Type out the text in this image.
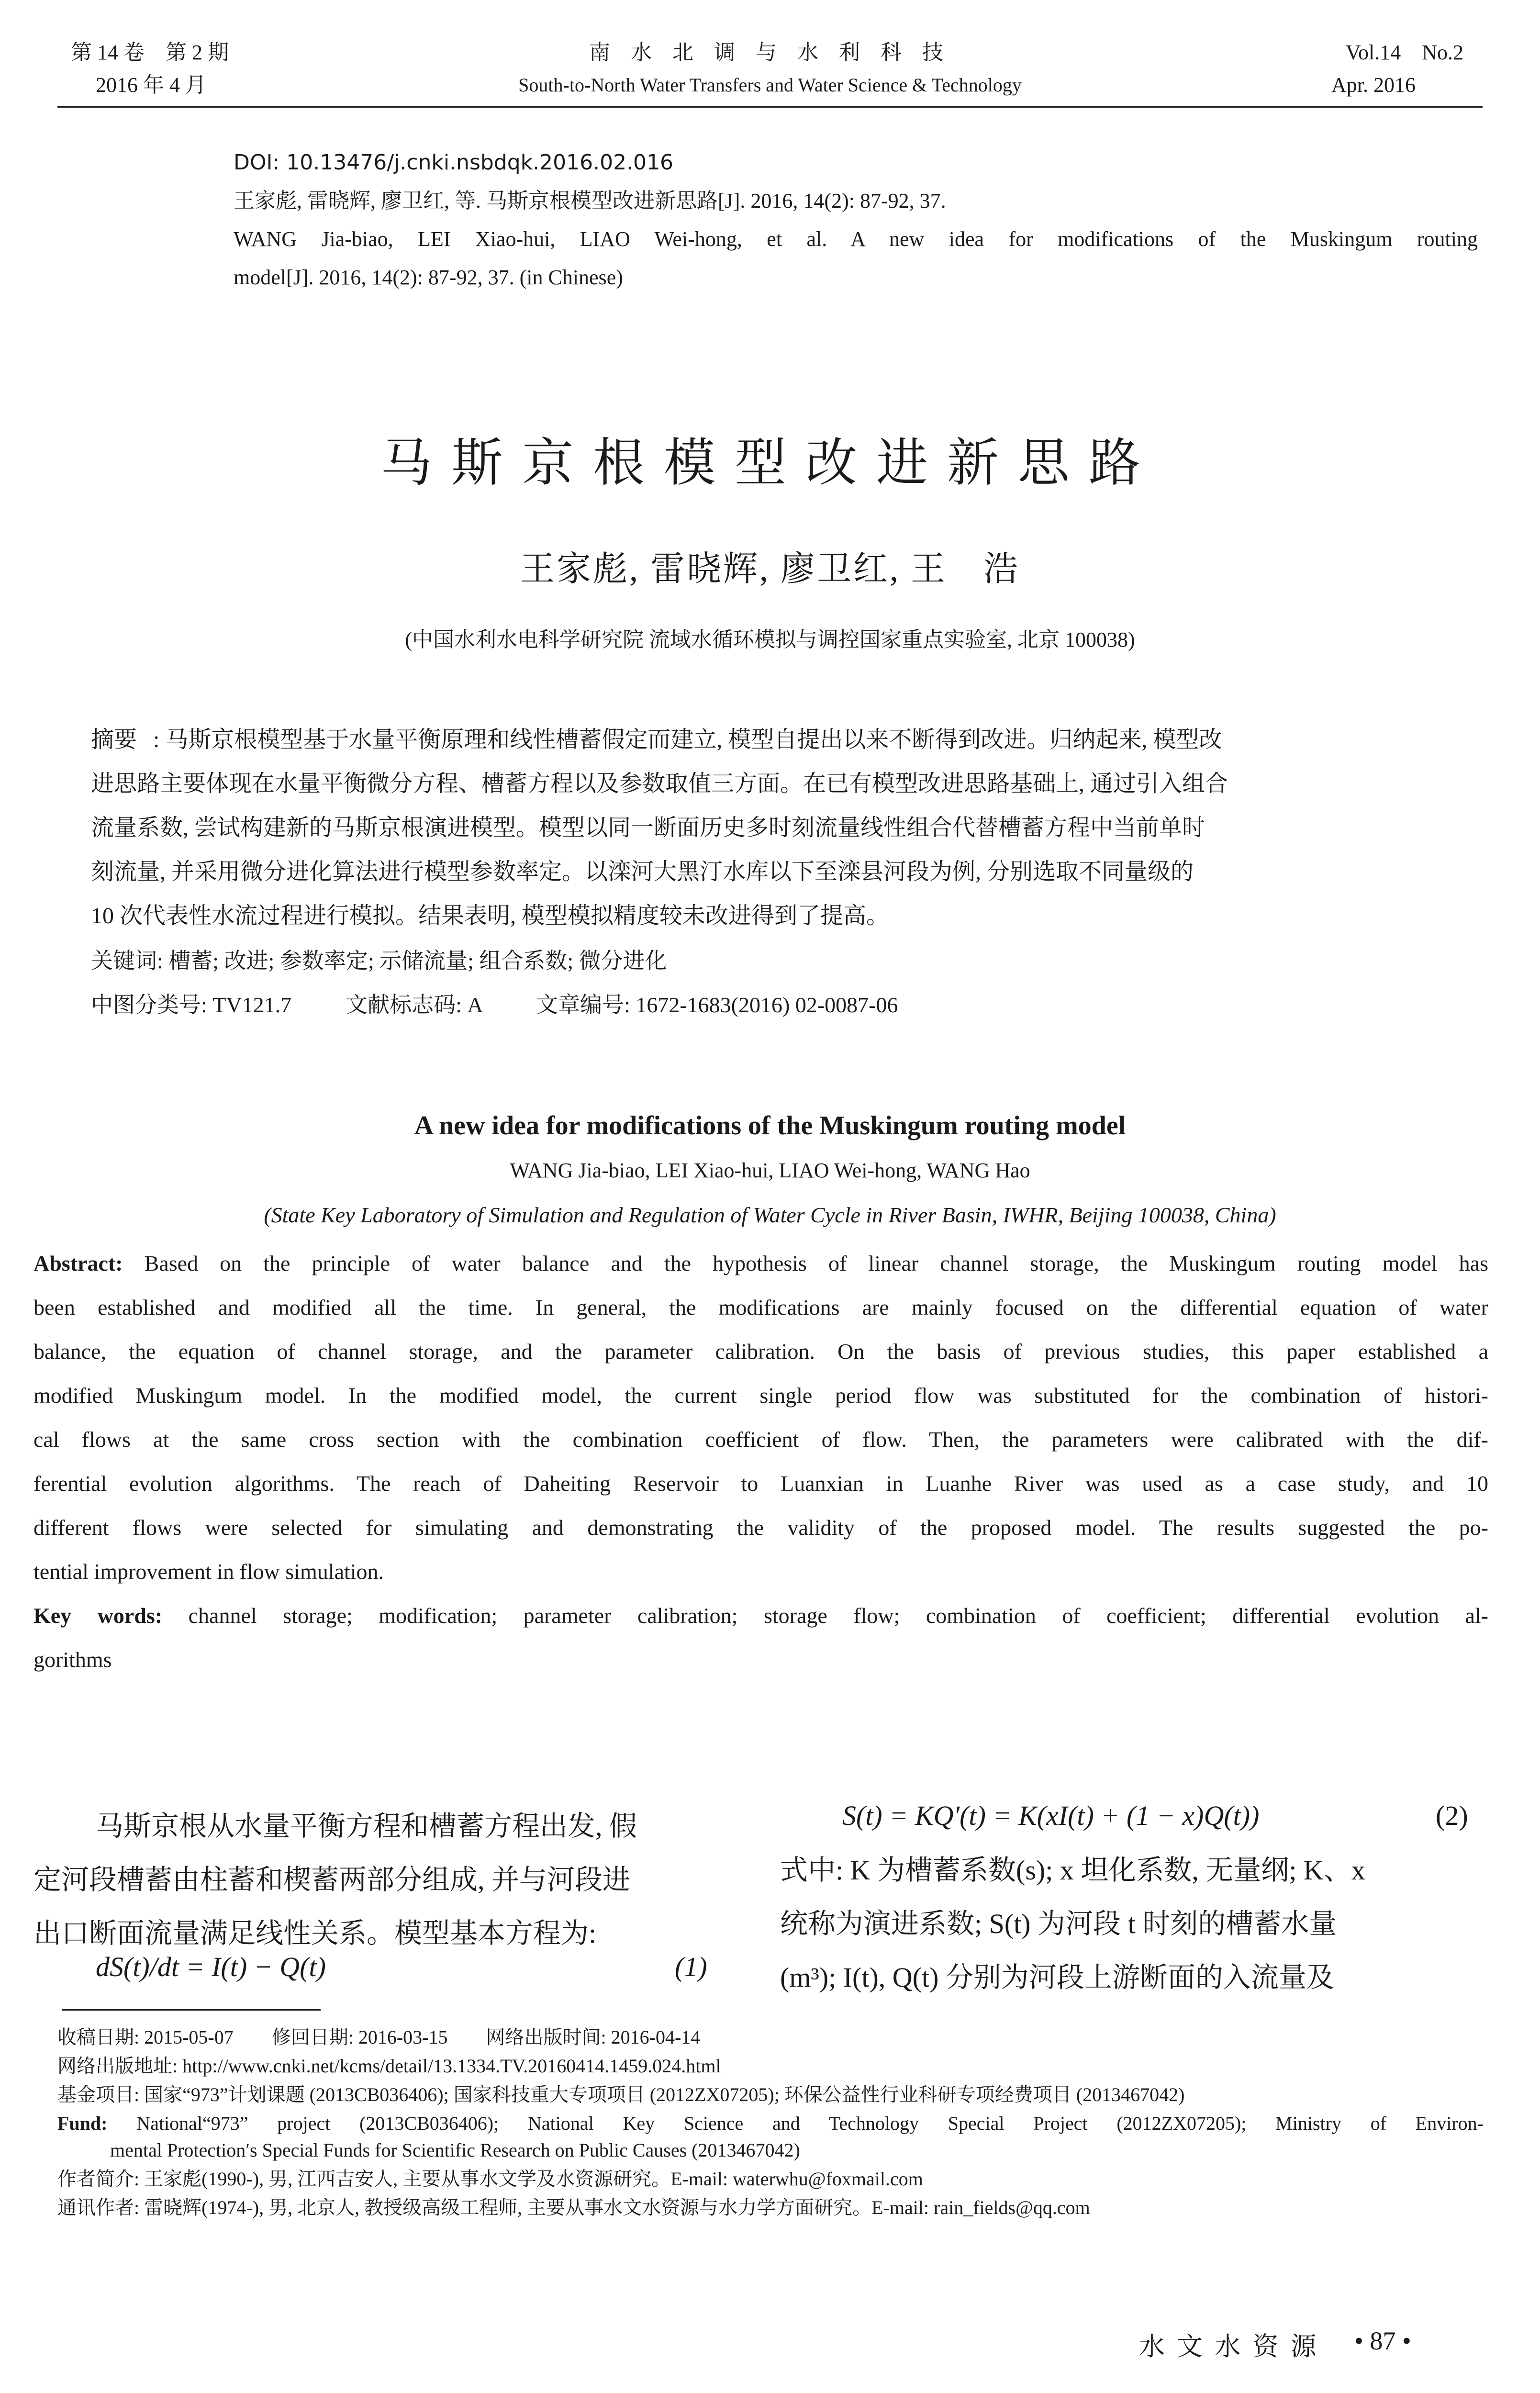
第 14 卷　第 2 期
2016 年 4 月
南 水 北 调 与 水 利 科 技
South-to-North Water Transfers and Water Science & Technology
Vol.14　No.2
Apr. 2016
DOI: 10.13476/j.cnki.nsbdqk.2016.02.016
王家彪, 雷晓辉, 廖卫红, 等. 马斯京根模型改进新思路[J]. 2016, 14(2): 87-92, 37.
WANG Jia-biao, LEI Xiao-hui, LIAO Wei-hong, et al. A new idea for modifications of the Muskingum routing
model[J]. 2016, 14(2): 87-92, 37. (in Chinese)
马斯京根模型改进新思路
王家彪, 雷晓辉, 廖卫红, 王　浩
(中国水利水电科学研究院 流域水循环模拟与调控国家重点实验室, 北京 100038)
摘要 : 马斯京根模型基于水量平衡原理和线性槽蓄假定而建立, 模型自提出以来不断得到改进。归纳起来, 模型改
进思路主要体现在水量平衡微分方程、槽蓄方程以及参数取值三方面。在已有模型改进思路基础上, 通过引入组合
流量系数, 尝试构建新的马斯京根演进模型。模型以同一断面历史多时刻流量线性组合代替槽蓄方程中当前单时
刻流量, 并采用微分进化算法进行模型参数率定。以滦河大黑汀水库以下至滦县河段为例, 分别选取不同量级的
10 次代表性水流过程进行模拟。结果表明, 模型模拟精度较未改进得到了提高。
关键词: 槽蓄; 改进; 参数率定; 示储流量; 组合系数; 微分进化
中图分类号: TV121.7 文献标志码: A 文章编号: 1672-1683(2016) 02-0087-06
A new idea for modifications of the Muskingum routing model
WANG Jia-biao, LEI Xiao-hui, LIAO Wei-hong, WANG Hao
(State Key Laboratory of Simulation and Regulation of Water Cycle in River Basin, IWHR, Beijing 100038, China)
Abstract: Based on the principle of water balance and the hypothesis of linear channel storage, the Muskingum routing model has
been established and modified all the time. In general, the modifications are mainly focused on the differential equation of water
balance, the equation of channel storage, and the parameter calibration. On the basis of previous studies, this paper established a
modified Muskingum model. In the modified model, the current single period flow was substituted for the combination of histori-
cal flows at the same cross section with the combination coefficient of flow. Then, the parameters were calibrated with the dif-
ferential evolution algorithms. The reach of Daheiting Reservoir to Luanxian in Luanhe River was used as a case study, and 10
different flows were selected for simulating and demonstrating the validity of the proposed model. The results suggested the po-
tential improvement in flow simulation.
Key words: channel storage; modification; parameter calibration; storage flow; combination of coefficient; differential evolution al-
gorithms
马斯京根从水量平衡方程和槽蓄方程出发, 假
定河段槽蓄由柱蓄和楔蓄两部分组成, 并与河段进
出口断面流量满足线性关系。模型基本方程为:
dS(t)/dt = I(t) − Q(t)	(1)
S(t) = KQ′(t) = K(xI(t) + (1 − x)Q(t))	(2)
式中: K 为槽蓄系数(s); x 坦化系数, 无量纲; K、x
统称为演进系数; S(t) 为河段 t 时刻的槽蓄水量
(m³); I(t), Q(t) 分别为河段上游断面的入流量及
收稿日期: 2015-05-07　　修回日期: 2016-03-15　　网络出版时间: 2016-04-14
网络出版地址: http://www.cnki.net/kcms/detail/13.1334.TV.20160414.1459.024.html
基金项目: 国家“973”计划课题 (2013CB036406); 国家科技重大专项项目 (2012ZX07205); 环保公益性行业科研专项经费项目 (2013467042)
Fund: National“973” project (2013CB036406); National Key Science and Technology Special Project (2012ZX07205); Ministry of Environ-
mental Protection′s Special Funds for Scientific Research on Public Causes (2013467042)
作者简介: 王家彪(1990-), 男, 江西吉安人, 主要从事水文学及水资源研究。E-mail: waterwhu@foxmail.com
通讯作者: 雷晓辉(1974-), 男, 北京人, 教授级高级工程师, 主要从事水文水资源与水力学方面研究。E-mail: rain_fields@qq.com
水 文 水 资 源 • 87 •
